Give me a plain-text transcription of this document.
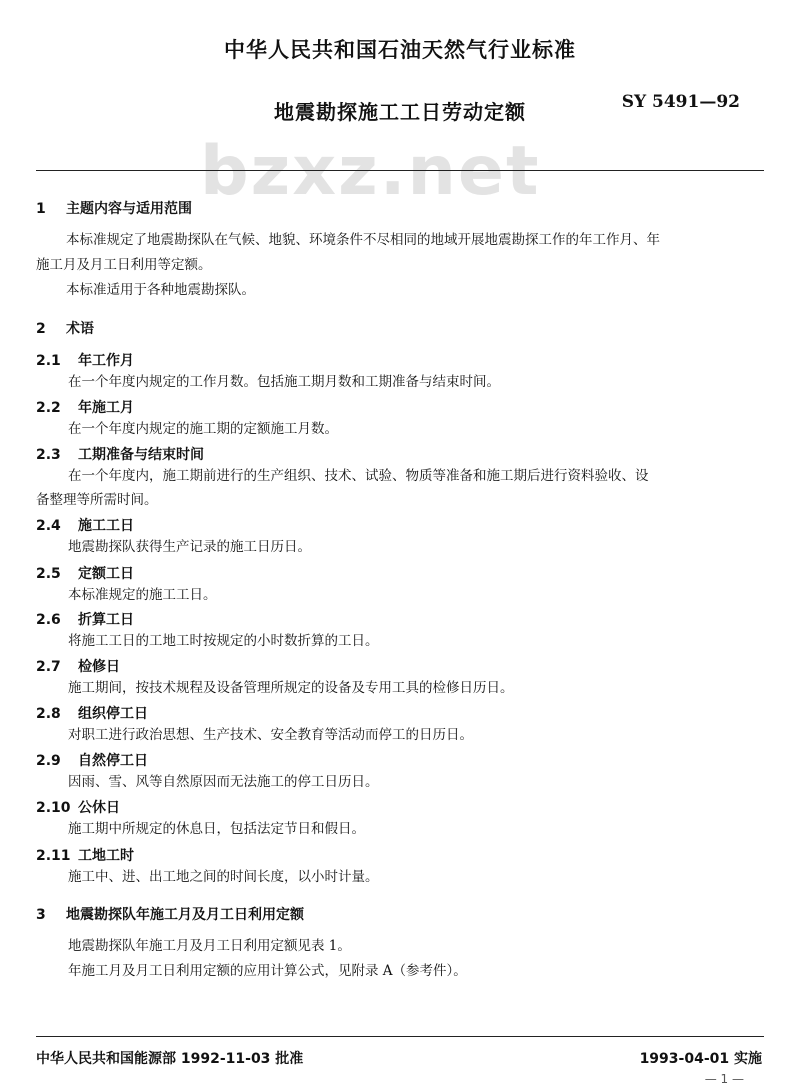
bzxz.net
中华人民共和国石油天然气行业标准
地震勘探施工工日劳动定额	SY 5491—92
1 主题内容与适用范围
本标准规定了地震勘探队在气候、地貌、环境条件不尽相同的地域开展地震勘探工作的年工作月、年
施工月及月工日利用等定额。
本标准适用于各种地震勘探队。
2 术语
2.1 年工作月
在一个年度内规定的工作月数。包括施工期月数和工期准备与结束时间。
2.2 年施工月
在一个年度内规定的施工期的定额施工月数。
2.3 工期准备与结束时间
在一个年度内，施工期前进行的生产组织、技术、试验、物质等准备和施工期后进行资料验收、设
备整理等所需时间。
2.4 施工工日
地震勘探队获得生产记录的施工日历日。
2.5 定额工日
本标准规定的施工工日。
2.6 折算工日
将施工工日的工地工时按规定的小时数折算的工日。
2.7 检修日
施工期间，按技术规程及设备管理所规定的设备及专用工具的检修日历日。
2.8 组织停工日
对职工进行政治思想、生产技术、安全教育等活动而停工的日历日。
2.9 自然停工日
因雨、雪、风等自然原因而无法施工的停工日历日。
2.10 公休日
施工期中所规定的休息日，包括法定节日和假日。
2.11 工地工时
施工中、进、出工地之间的时间长度，以小时计量。
3 地震勘探队年施工月及月工日利用定额
地震勘探队年施工月及月工日利用定额见表 1。
年施工月及月工日利用定额的应用计算公式，见附录 A（参考件）。
中华人民共和国能源部 1992-11-03 批准	1993-04-01 实施
— 1 —
